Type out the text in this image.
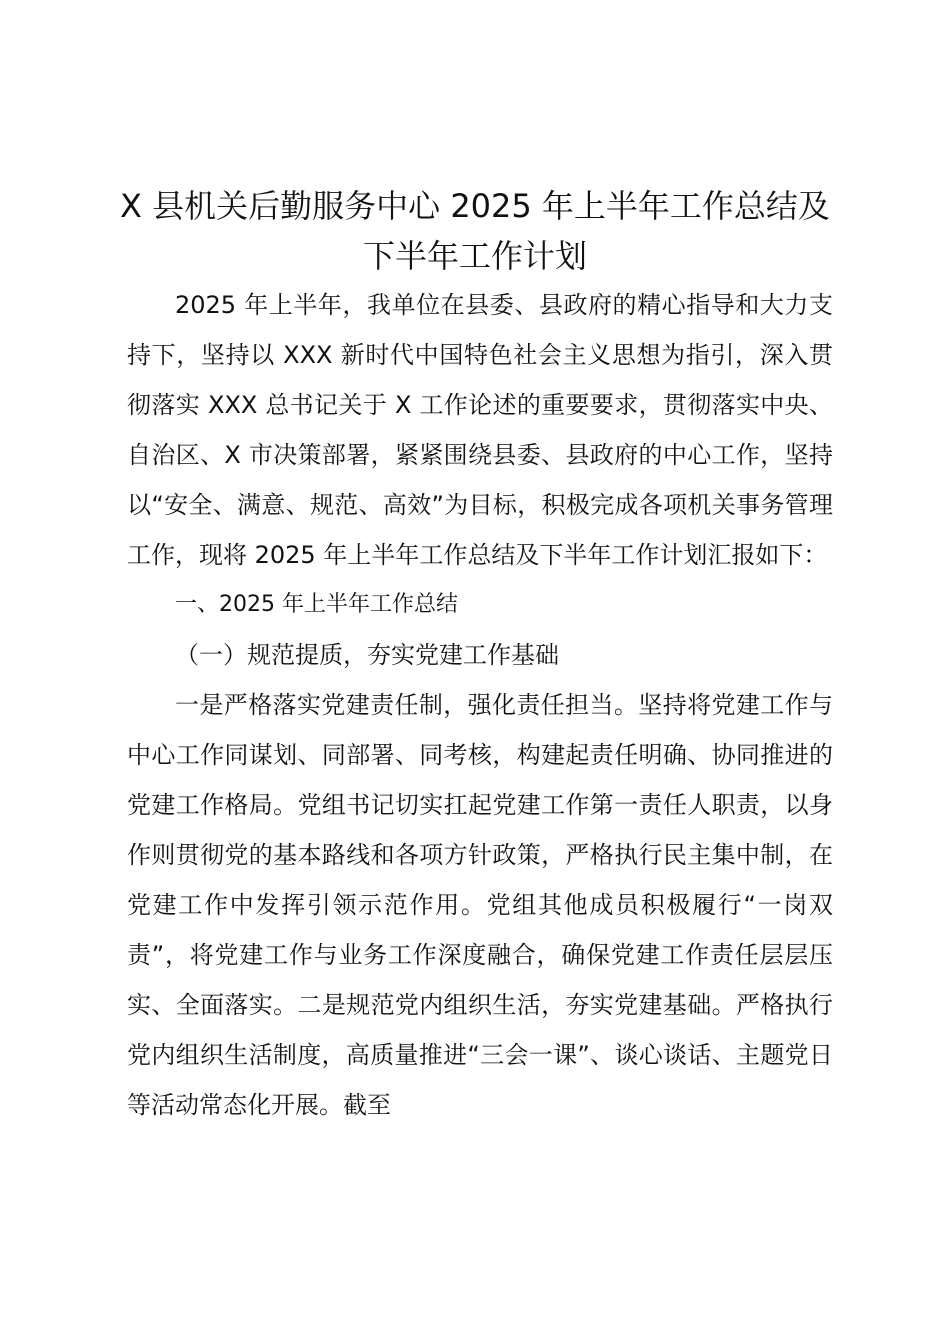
X 县机关后勤服务中心 2025 年上半年工作总结及下半年工作计划

2025 年上半年，我单位在县委、县政府的精心指导和大力支持下，坚持以 XXX 新时代中国特色社会主义思想为指引，深入贯彻落实 XXX 总书记关于 X 工作论述的重要要求，贯彻落实中央、自治区、X 市决策部署，紧紧围绕县委、县政府的中心工作，坚持以“安全、满意、规范、高效”为目标，积极完成各项机关事务管理工作，现将 2025 年上半年工作总结及下半年工作计划汇报如下：

一、2025 年上半年工作总结

（一）规范提质，夯实党建工作基础

一是严格落实党建责任制，强化责任担当。坚持将党建工作与中心工作同谋划、同部署、同考核，构建起责任明确、协同推进的党建工作格局。党组书记切实扛起党建工作第一责任人职责，以身作则贯彻党的基本路线和各项方针政策，严格执行民主集中制，在党建工作中发挥引领示范作用。党组其他成员积极履行“一岗双责”，将党建工作与业务工作深度融合，确保党建工作责任层层压实、全面落实。二是规范党内组织生活，夯实党建基础。严格执行党内组织生活制度，高质量推进“三会一课”、谈心谈话、主题党日等活动常态化开展。截至
